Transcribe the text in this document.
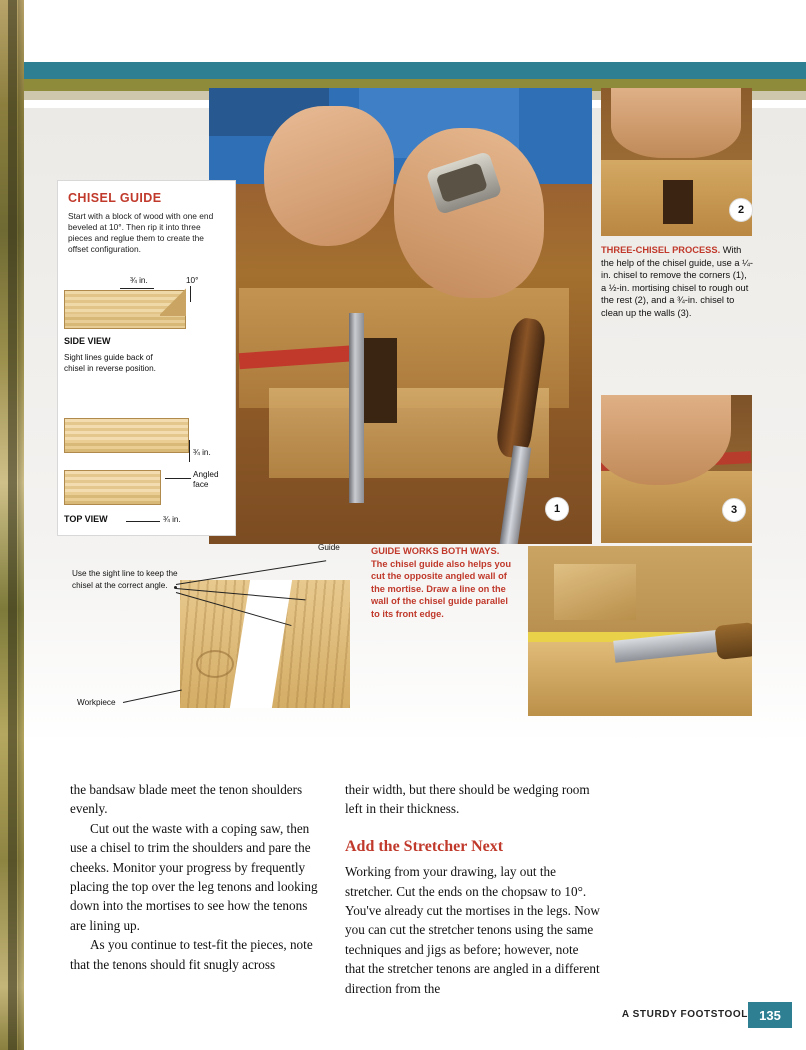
1
2
3
CHISEL GUIDE
Start with a block of wood with one end beveled at 10°. Then rip it into three pieces and reglue them to create the offset configuration.
¾ in.	10°
SIDE VIEW
Sight lines guide back of chisel in reverse position.
¾ in.
Angled face
TOP VIEW	¾ in.
Guide
Use the sight line to keep the chisel at the correct angle.
Workpiece
THREE-CHISEL PROCESS. With the help of the chisel guide, use a ¼-in. chisel to remove the corners (1), a ½-in. mortising chisel to rough out the rest (2), and a ¾-in. chisel to clean up the walls (3).
GUIDE WORKS BOTH WAYS. The chisel guide also helps you cut the opposite angled wall of the mortise. Draw a line on the wall of the chisel guide parallel to its front edge.

the bandsaw blade meet the tenon shoulders evenly.

Cut out the waste with a coping saw, then use a chisel to trim the shoulders and pare the cheeks. Monitor your progress by frequently placing the top over the leg tenons and looking down into the mortises to see how the tenons are lining up.

As you continue to test-fit the pieces, note that the tenons should fit snugly across

their width, but there should be wedging room left in their thickness.

Add the Stretcher Next

Working from your drawing, lay out the stretcher. Cut the ends on the chopsaw to 10°. You've already cut the mortises in the legs. Now you can cut the stretcher tenons using the same techniques and jigs as before; however, note that the stretcher tenons are angled in a different direction from the

A STURDY FOOTSTOOL 135
